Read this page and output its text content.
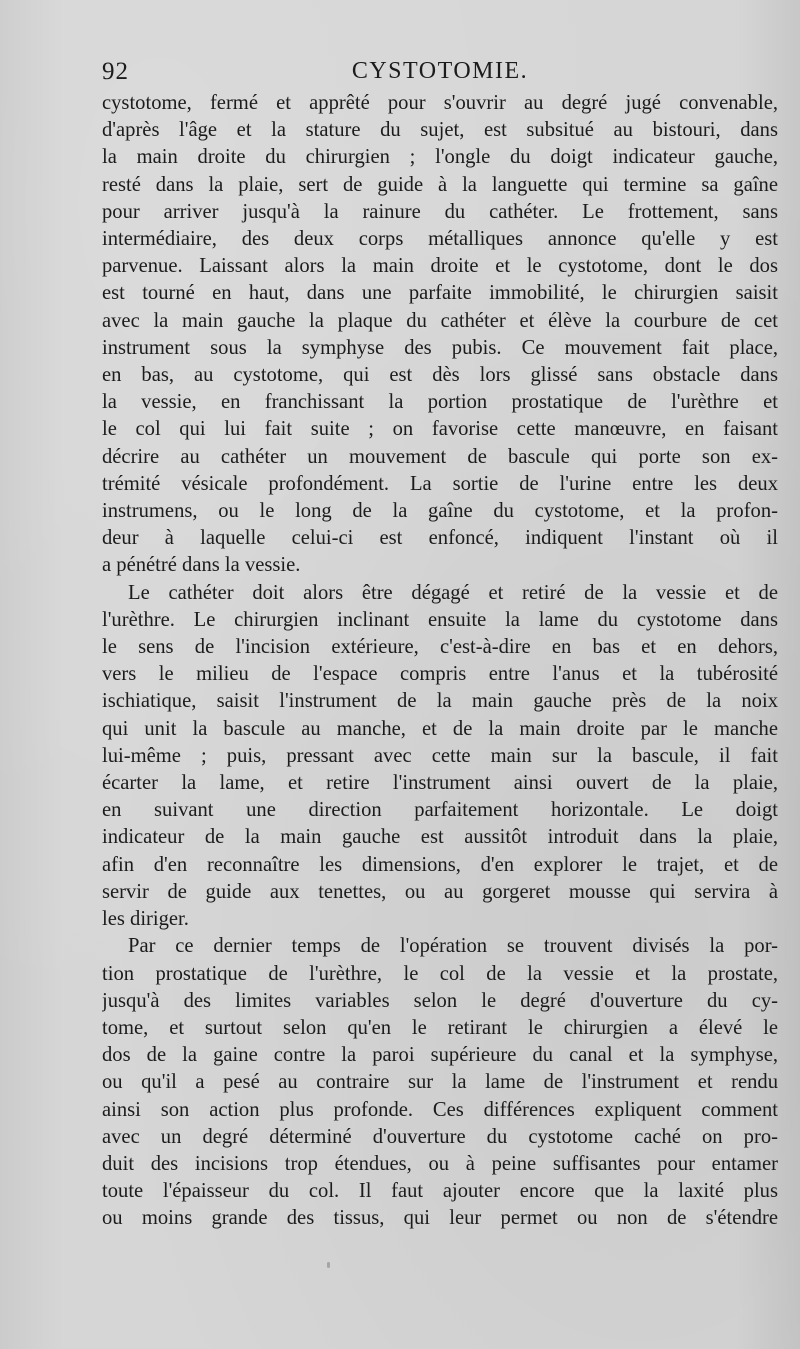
92	CYSTOTOMIE.

cystotome, fermé et apprêté pour s'ouvrir au degré jugé convenable,

d'après l'âge et la stature du sujet, est subsitué au bistouri, dans

la main droite du chirurgien ; l'ongle du doigt indicateur gauche,

resté dans la plaie, sert de guide à la languette qui termine sa gaîne

pour arriver jusqu'à la rainure du cathéter. Le frottement, sans

intermédiaire, des deux corps métalliques annonce qu'elle y est

parvenue. Laissant alors la main droite et le cystotome, dont le dos

est tourné en haut, dans une parfaite immobilité, le chirurgien saisit

avec la main gauche la plaque du cathéter et élève la courbure de cet

instrument sous la symphyse des pubis. Ce mouvement fait place,

en bas, au cystotome, qui est dès lors glissé sans obstacle dans

la vessie, en franchissant la portion prostatique de l'urèthre et

le col qui lui fait suite ; on favorise cette manœuvre, en faisant

décrire au cathéter un mouvement de bascule qui porte son ex-

trémité vésicale profondément. La sortie de l'urine entre les deux

instrumens, ou le long de la gaîne du cystotome, et la profon-

deur à laquelle celui-ci est enfoncé, indiquent l'instant où il

a pénétré dans la vessie.

Le cathéter doit alors être dégagé et retiré de la vessie et de

l'urèthre. Le chirurgien inclinant ensuite la lame du cystotome dans

le sens de l'incision extérieure, c'est-à-dire en bas et en dehors,

vers le milieu de l'espace compris entre l'anus et la tubérosité

ischiatique, saisit l'instrument de la main gauche près de la noix

qui unit la bascule au manche, et de la main droite par le manche

lui-même ; puis, pressant avec cette main sur la bascule, il fait

écarter la lame, et retire l'instrument ainsi ouvert de la plaie,

en suivant une direction parfaitement horizontale. Le doigt

indicateur de la main gauche est aussitôt introduit dans la plaie,

afin d'en reconnaître les dimensions, d'en explorer le trajet, et de

servir de guide aux tenettes, ou au gorgeret mousse qui servira à

les diriger.

Par ce dernier temps de l'opération se trouvent divisés la por-

tion prostatique de l'urèthre, le col de la vessie et la prostate,

jusqu'à des limites variables selon le degré d'ouverture du cy-

tome, et surtout selon qu'en le retirant le chirurgien a élevé le

dos de la gaine contre la paroi supérieure du canal et la symphyse,

ou qu'il a pesé au contraire sur la lame de l'instrument et rendu

ainsi son action plus profonde. Ces différences expliquent comment

avec un degré déterminé d'ouverture du cystotome caché on pro-

duit des incisions trop étendues, ou à peine suffisantes pour entamer

toute l'épaisseur du col. Il faut ajouter encore que la laxité plus

ou moins grande des tissus, qui leur permet ou non de s'étendre
